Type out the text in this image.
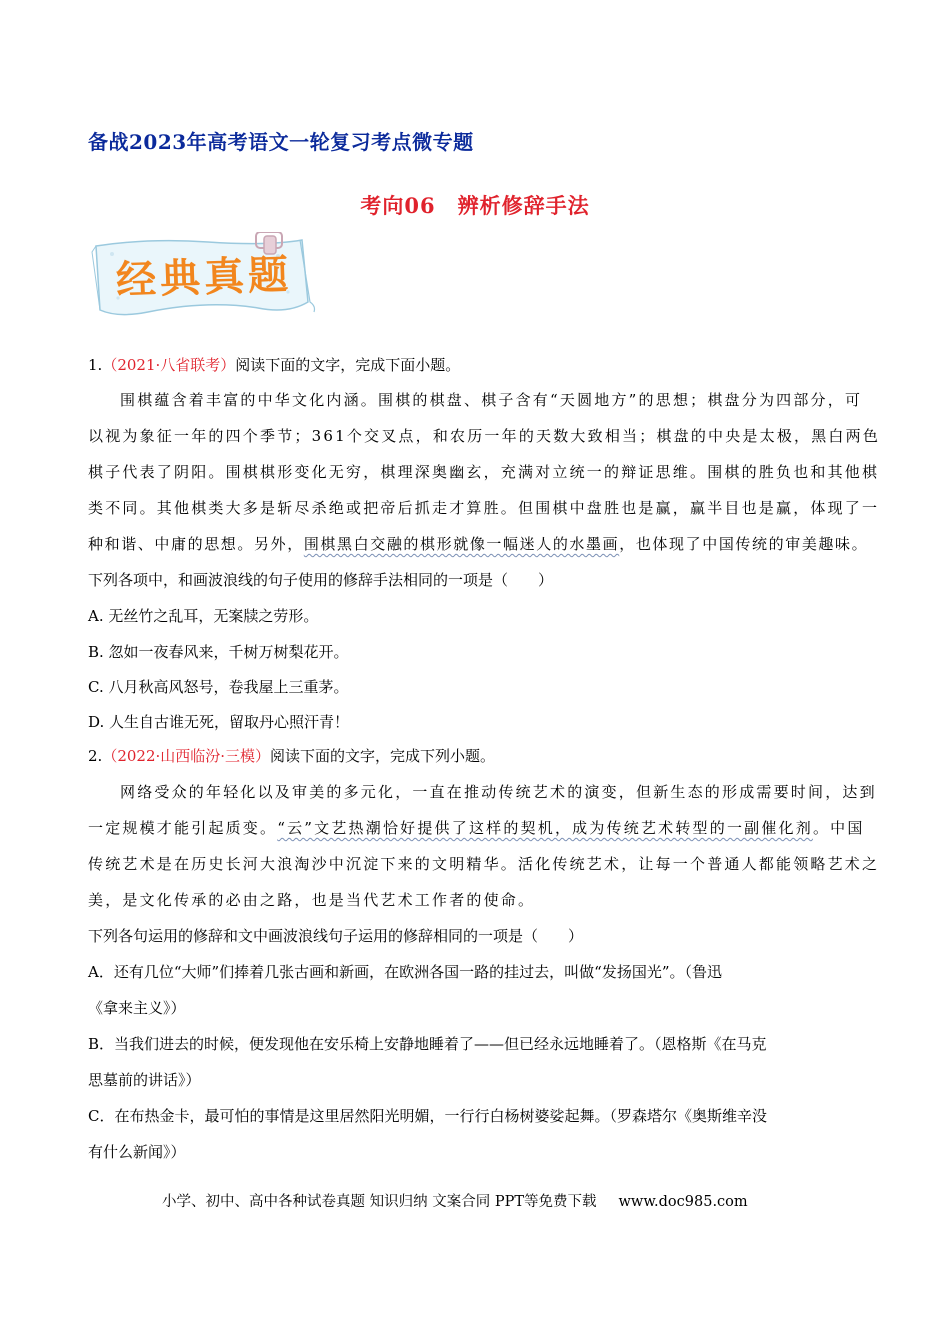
备战2023年高考语文一轮复习考点微专题
考向06　辨析修辞手法
经典真题
1.（2021·八省联考）阅读下面的文字，完成下面小题。
围棋蕴含着丰富的中华文化内涵。围棋的棋盘、棋子含有“天圆地方”的思想；棋盘分为四部分，可
以视为象征一年的四个季节；361个交叉点，和农历一年的天数大致相当；棋盘的中央是太极，黑白两色
棋子代表了阴阳。围棋棋形变化无穷，棋理深奥幽玄，充满对立统一的辩证思维。围棋的胜负也和其他棋
类不同。其他棋类大多是斩尽杀绝或把帝后抓走才算胜。但围棋中盘胜也是赢，赢半目也是赢，体现了一
种和谐、中庸的思想。另外，围棋黑白交融的棋形就像一幅迷人的水墨画，也体现了中国传统的审美趣味。
下列各项中，和画波浪线的句子使用的修辞手法相同的一项是（　　）
A. 无丝竹之乱耳，无案牍之劳形。
B. 忽如一夜春风来，千树万树梨花开。
C. 八月秋高风怒号，卷我屋上三重茅。
D. 人生自古谁无死，留取丹心照汗青！
2.（2022·山西临汾·三模）阅读下面的文字，完成下列小题。
网络受众的年轻化以及审美的多元化，一直在推动传统艺术的演变，但新生态的形成需要时间，达到
一定规模才能引起质变。“云”文艺热潮恰好提供了这样的契机，成为传统艺术转型的一副催化剂。中国
传统艺术是在历史长河大浪淘沙中沉淀下来的文明精华。活化传统艺术，让每一个普通人都能领略艺术之
美，是文化传承的必由之路，也是当代艺术工作者的使命。
下列各句运用的修辞和文中画波浪线句子运用的修辞相同的一项是（　　）
A．还有几位“大师”们捧着几张古画和新画，在欧洲各国一路的挂过去，叫做“发扬国光”。（鲁迅
《拿来主义》）
B．当我们进去的时候，便发现他在安乐椅上安静地睡着了——但已经永远地睡着了。（恩格斯《在马克
思墓前的讲话》）
C．在布热金卡，最可怕的事情是这里居然阳光明媚，一行行白杨树婆娑起舞。（罗森塔尔《奥斯维辛没
有什么新闻》）
小学、初中、高中各种试卷真题 知识归纳 文案合同 PPT等免费下载 www.doc985.com
